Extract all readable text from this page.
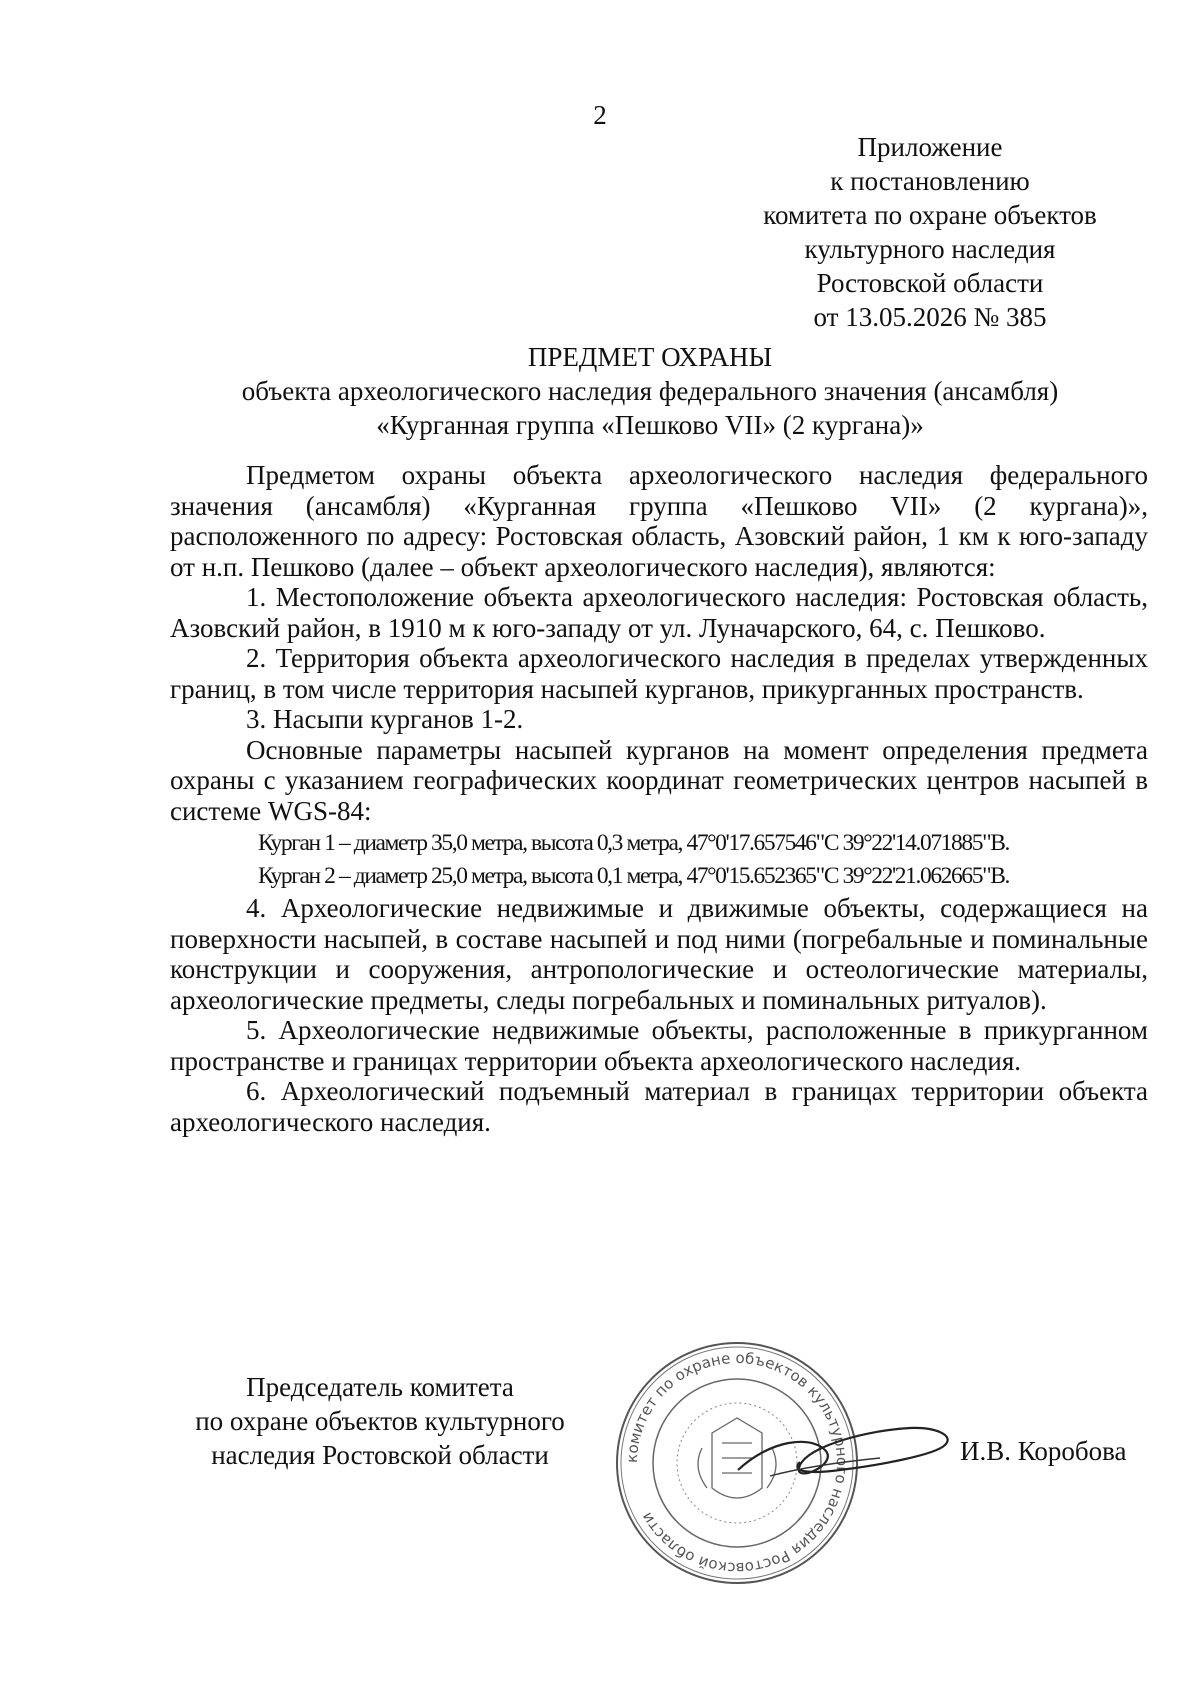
2
Приложение
к постановлению
комитета по охране объектов
культурного наследия
Ростовской области
от 13.05.2026 № 385
ПРЕДМЕТ ОХРАНЫ
объекта археологического наследия федерального значения (ансамбля)
«Курганная группа «Пешково VII» (2 кургана)»

Предметом охраны объекта археологического наследия федерального значения (ансамбля) «Курганная группа «Пешково VII» (2 кургана)», расположенного по адресу: Ростовская область, Азовский район, 1 км к юго-западу от н.п. Пешково (далее – объект археологического наследия), являются:

1. Местоположение объекта археологического наследия: Ростовская область, Азовский район, в 1910 м к юго-западу от ул. Луначарского, 64, с. Пешково.

2. Территория объекта археологического наследия в пределах утвержденных границ, в том числе территория насыпей курганов, прикурганных пространств.

3. Насыпи курганов 1-2.

Основные параметры насыпей курганов на момент определения предмета охраны с указанием географических координат геометрических центров насыпей в системе WGS-84:

Курган 1 – диаметр 35,0 метра, высота 0,3 метра, 47°0'17.657546"С 39°22'14.071885"В.

Курган 2 – диаметр 25,0 метра, высота 0,1 метра, 47°0'15.652365"С 39°22'21.062665"В.

4. Археологические недвижимые и движимые объекты, содержащиеся на поверхности насыпей, в составе насыпей и под ними (погребальные и поминальные конструкции и сооружения, антропологические и остеологические материалы, археологические предметы, следы погребальных и поминальных ритуалов).

5. Археологические недвижимые объекты, расположенные в прикурганном пространстве и границах территории объекта археологического наследия.

6. Археологический подъемный материал в границах территории объекта археологического наследия.

Председатель комитета
по охране объектов культурного
наследия Ростовской области	комитет по охране объектов культурного наследия Ростовской области
И.В. Коробова
